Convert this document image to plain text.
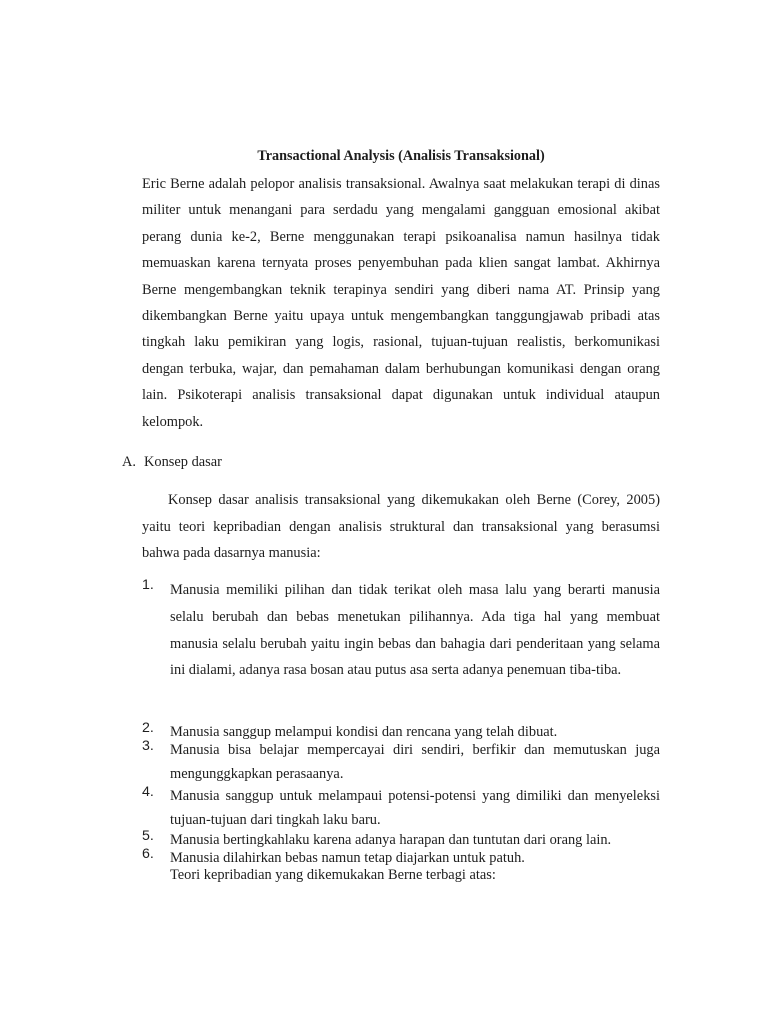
Transactional Analysis (Analisis Transaksional)

Eric Berne adalah pelopor analisis transaksional. Awalnya saat melakukan terapi di dinas militer untuk menangani para serdadu yang mengalami gangguan emosional akibat perang dunia ke-2, Berne menggunakan terapi psikoanalisa namun hasilnya tidak memuaskan karena ternyata proses penyembuhan pada klien sangat lambat. Akhirnya Berne mengembangkan teknik terapinya sendiri yang diberi nama AT. Prinsip yang dikembangkan Berne yaitu upaya untuk mengembangkan tanggungjawab pribadi atas tingkah laku pemikiran yang logis, rasional, tujuan-tujuan realistis, berkomunikasi dengan terbuka, wajar, dan pemahaman dalam berhubungan komunikasi dengan orang lain. Psikoterapi analisis transaksional dapat digunakan untuk individual ataupun kelompok.

A. Konsep dasar

Konsep dasar analisis transaksional yang dikemukakan oleh Berne (Corey, 2005) yaitu teori kepribadian dengan analisis struktural dan transaksional yang berasumsi bahwa pada dasarnya manusia:

1.	Manusia memiliki pilihan dan tidak terikat oleh masa lalu yang berarti manusia selalu berubah dan bebas menetukan pilihannya. Ada tiga hal yang membuat manusia selalu berubah yaitu ingin bebas dan bahagia dari penderitaan yang selama ini dialami, adanya rasa bosan atau putus asa serta adanya penemuan tiba-tiba.
2.	Manusia sanggup melampui kondisi dan rencana yang telah dibuat.
3.	Manusia bisa belajar mempercayai diri sendiri, berfikir dan memutuskan juga mengunggkapkan perasaanya.
4.	Manusia sanggup untuk melampaui potensi-potensi yang dimiliki dan menyeleksi tujuan-tujuan dari tingkah laku baru.
5.	Manusia bertingkahlaku karena adanya harapan dan tuntutan dari orang lain.
6.	Manusia dilahirkan bebas namun tetap diajarkan untuk patuh.
Teori kepribadian yang dikemukakan Berne terbagi atas:
